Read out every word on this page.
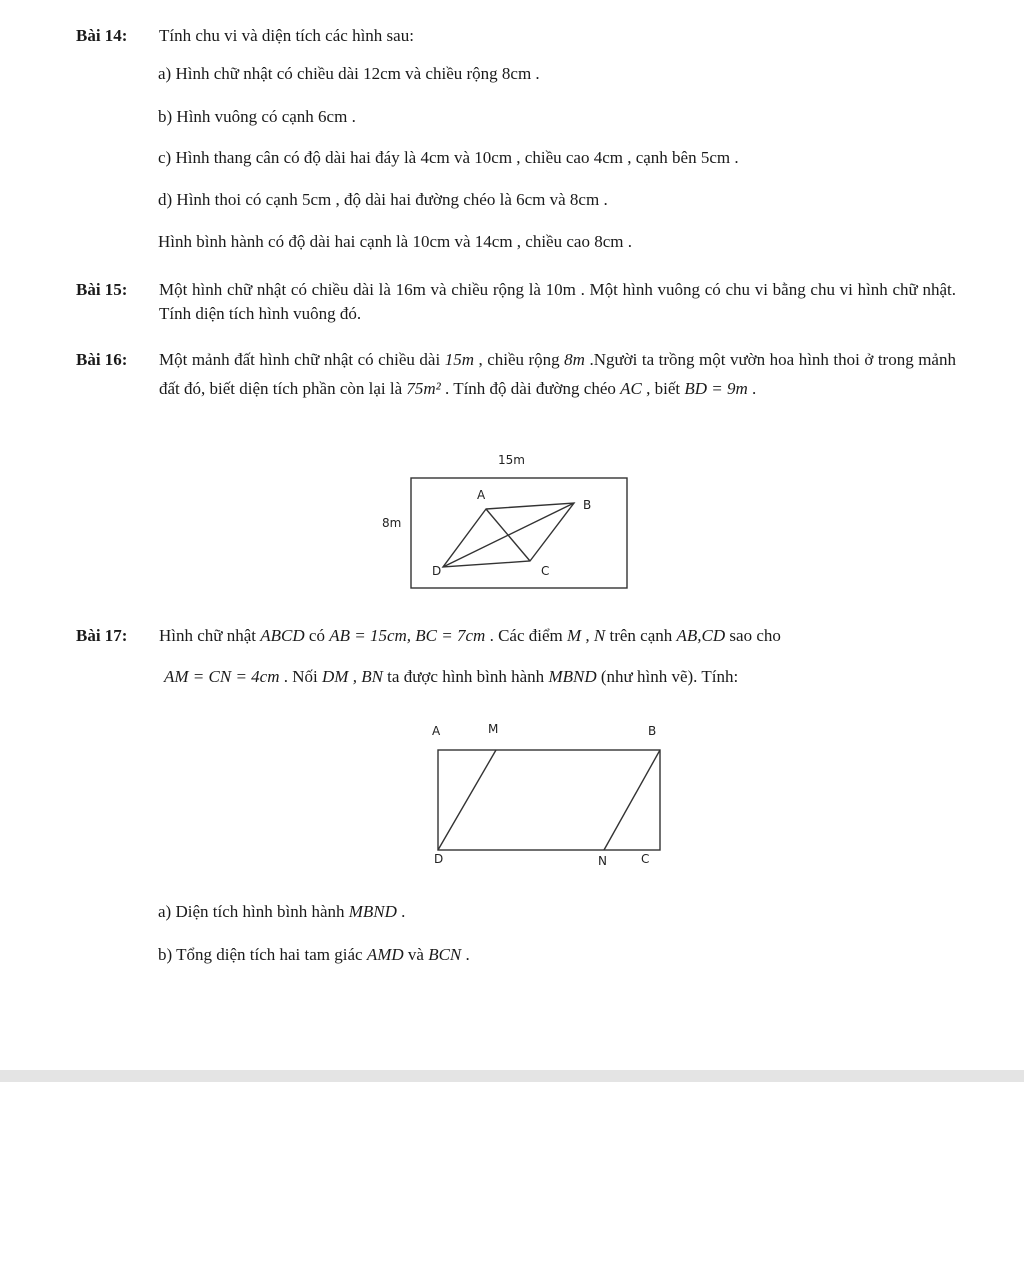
Bài 14: Tính chu vi và diện tích các hình sau:
a) Hình chữ nhật có chiều dài 12cm và chiều rộng 8cm .
b) Hình vuông có cạnh 6cm .
c) Hình thang cân có độ dài hai đáy là 4cm và 10cm , chiều cao 4cm , cạnh bên 5cm .
d) Hình thoi có cạnh 5cm , độ dài hai đường chéo là 6cm và 8cm .
Hình bình hành có độ dài hai cạnh là 10cm và 14cm , chiều cao 8cm .
Bài 15: Một hình chữ nhật có chiều dài là 16m và chiều rộng là 10m . Một hình vuông có chu vi bằng chu vi hình chữ nhật. Tính diện tích hình vuông đó.
Bài 16: Một mảnh đất hình chữ nhật có chiều dài 15m , chiều rộng 8m .Người ta trồng một vườn hoa hình thoi ở trong mảnh đất đó, biết diện tích phần còn lại là 75m² . Tính độ dài đường chéo AC , biết BD = 9m .
15m
8m
A
B
C
D
Bài 17: Hình chữ nhật ABCD có AB = 15cm, BC = 7cm . Các điểm M , N trên cạnh AB,CD sao cho
AM = CN = 4cm . Nối DM , BN ta được hình bình hành MBND (như hình vẽ). Tính:
A	M	B
D	N	C
a) Diện tích hình bình hành MBND .
b) Tổng diện tích hai tam giác AMD và BCN .
